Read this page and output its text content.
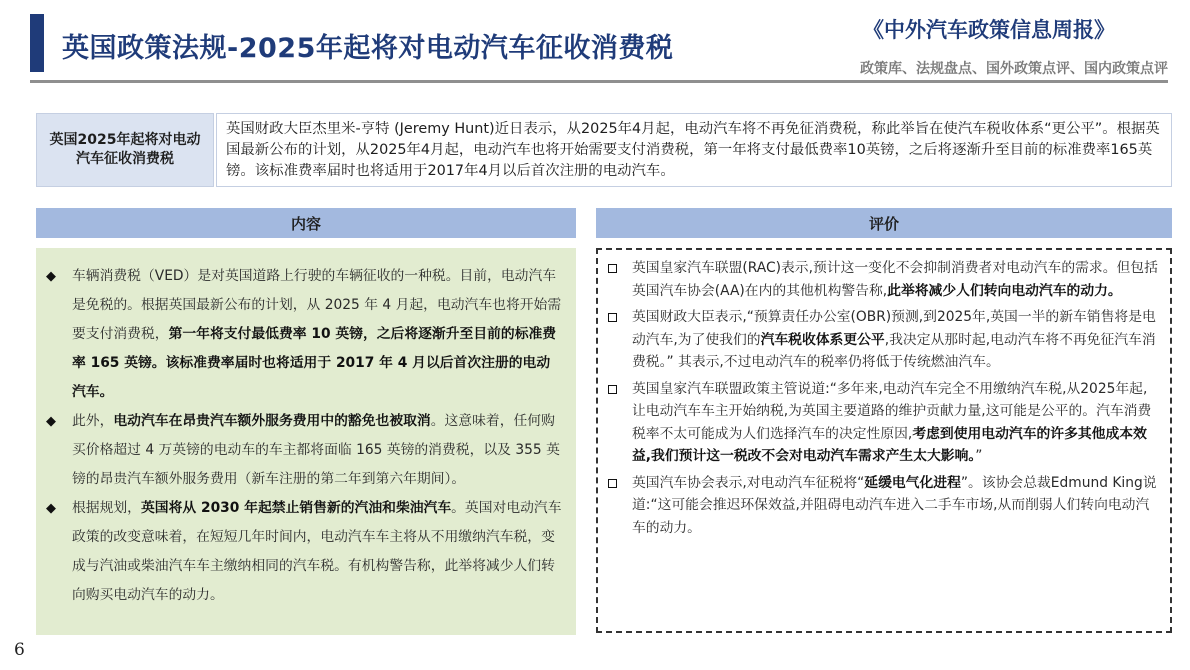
英国政策法规-2025年起将对电动汽车征收消费税
《中外汽车政策信息周报》
政策库、法规盘点、国外政策点评、国内政策点评
英国2025年起将对电动汽车征收消费税
英国财政大臣杰里米-亨特 (Jeremy Hunt)近日表示，从2025年4月起，电动汽车将不再免征消费税，称此举旨在使汽车税收体系“更公平”。根据英国最新公布的计划，从2025年4月起，电动汽车也将开始需要支付消费税，第一年将支付最低费率10英镑，之后将逐渐升至目前的标准费率165英镑。该标准费率届时也将适用于2017年4月以后首次注册的电动汽车。
内容	评价
◆	车辆消费税（VED）是对英国道路上行驶的车辆征收的一种税。目前，电动汽车是免税的。根据英国最新公布的计划，从 2025 年 4 月起，电动汽车也将开始需要支付消费税，第一年将支付最低费率 10 英镑，之后将逐渐升至目前的标准费率 165 英镑。该标准费率届时也将适用于 2017 年 4 月以后首次注册的电动汽车。
◆	此外，电动汽车在昂贵汽车额外服务费用中的豁免也被取消。这意味着，任何购买价格超过 4 万英镑的电动车的车主都将面临 165 英镑的消费税，以及 355 英镑的昂贵汽车额外服务费用（新车注册的第二年到第六年期间）。
◆	根据规划，英国将从 2030 年起禁止销售新的汽油和柴油汽车。英国对电动汽车政策的改变意味着，在短短几年时间内，电动汽车车主将从不用缴纳汽车税，变成与汽油或柴油汽车车主缴纳相同的汽车税。有机构警告称，此举将减少人们转向购买电动汽车的动力。
英国皇家汽车联盟(RAC)表示,预计这一变化不会抑制消费者对电动汽车的需求。但包括英国汽车协会(AA)在内的其他机构警告称,此举将减少人们转向电动汽车的动力。
英国财政大臣表示,“预算责任办公室(OBR)预测,到2025年,英国一半的新车销售将是电动汽车,为了使我们的汽车税收体系更公平,我决定从那时起,电动汽车将不再免征汽车消费税。” 其表示,不过电动汽车的税率仍将低于传统燃油汽车。
英国皇家汽车联盟政策主管说道:“多年来,电动汽车完全不用缴纳汽车税,从2025年起,让电动汽车车主开始纳税,为英国主要道路的维护贡献力量,这可能是公平的。汽车消费税率不太可能成为人们选择汽车的决定性原因,考虑到使用电动汽车的许多其他成本效益,我们预计这一税改不会对电动汽车需求产生太大影响。”
英国汽车协会表示,对电动汽车征税将“延缓电气化进程”。该协会总裁Edmund King说道:“这可能会推迟环保效益,并阻碍电动汽车进入二手车市场,从而削弱人们转向电动汽车的动力。
6
